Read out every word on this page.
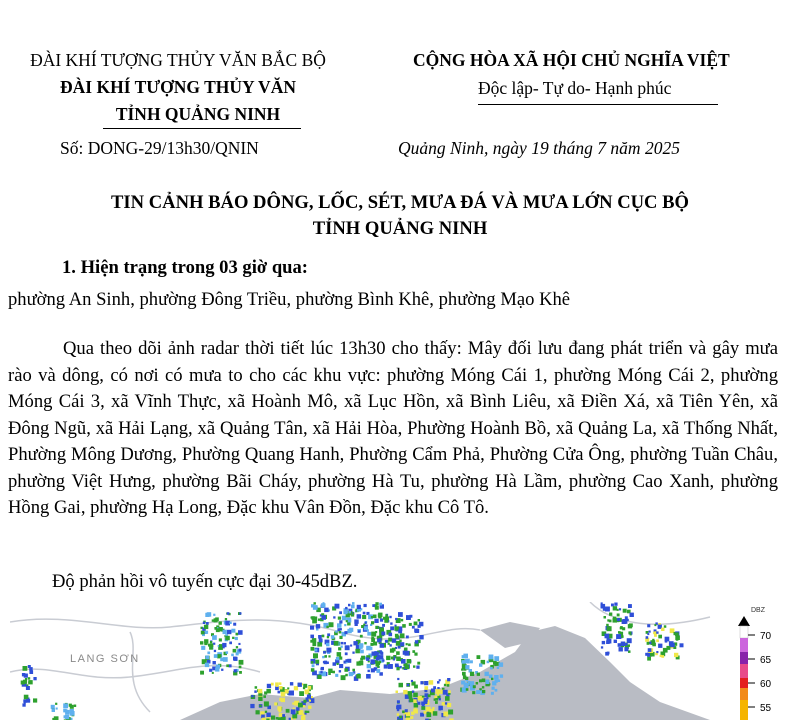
ĐÀI KHÍ TƯỢNG THỦY VĂN BẮC BỘ
ĐÀI KHÍ TƯỢNG THỦY VĂN
TỈNH QUẢNG NINH
Số: DONG-29/13h30/QNIN
CỘNG HÒA XÃ HỘI CHỦ NGHĨA VIỆT
Độc lập- Tự do- Hạnh phúc
Quảng Ninh, ngày 19 tháng 7 năm 2025
TIN CẢNH BÁO DÔNG, LỐC, SÉT, MƯA ĐÁ VÀ MƯA LỚN CỤC BỘ
TỈNH QUẢNG NINH
1. Hiện trạng trong 03 giờ qua:
phường An Sinh, phường Đông Triều, phường Bình Khê, phường Mạo Khê
Qua theo dõi ảnh radar thời tiết lúc 13h30 cho thấy: Mây đối lưu đang phát triển và gây mưa rào và dông, có nơi có mưa to cho các khu vực: phường Móng Cái 1, phường Móng Cái 2, phường Móng Cái 3, xã Vĩnh Thực, xã Hoành Mô, xã Lục Hồn, xã Bình Liêu, xã Điền Xá, xã Tiên Yên, xã Đông Ngũ, xã Hải Lạng, xã Quảng Tân, xã Hải Hòa, Phường Hoành Bồ, xã Quảng La, xã Thống Nhất, Phường Mông Dương, Phường Quang Hanh, Phường Cẩm Phả, Phường Cửa Ông, phường Tuần Châu, phường Việt Hưng, phường Bãi Cháy, phường Hà Tu, phường Hà Lầm, phường Cao Xanh, phường Hồng Gai, phường Hạ Long, Đặc khu Vân Đồn, Đặc khu Cô Tô.
Độ phản hồi vô tuyến cực đại 30-45dBZ.
LANG SƠN
DBZ
70
65
60
55
